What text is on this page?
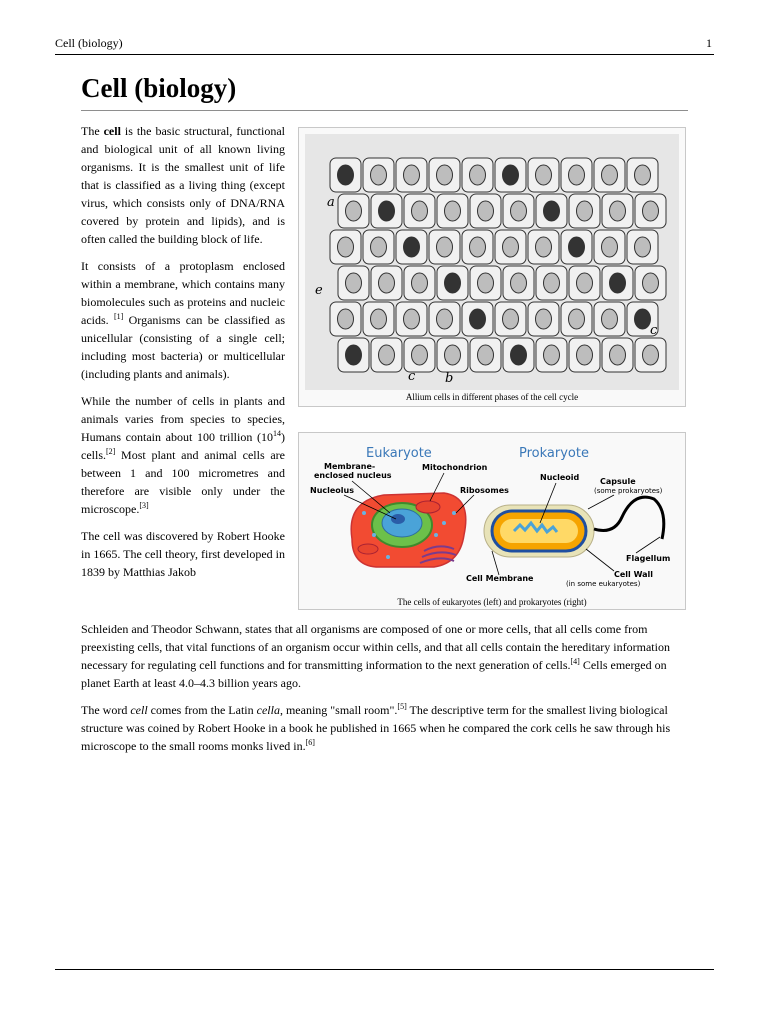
Cell (biology)	1
Cell (biology)

The cell is the basic structural, functional and biological unit of all known living organisms. It is the smallest unit of life that is classified as a living thing (except virus, which consists only of DNA/RNA covered by protein and lipids), and is often called the building block of life.

It consists of a protoplasm enclosed within a membrane, which contains many biomolecules such as proteins and nucleic acids. [1] Organisms can be classified as unicellular (consisting of a single cell; including most bacteria) or multicellular (including plants and animals).

While the number of cells in plants and animals varies from species to species, Humans contain about 100 trillion $(10^{14})$ cells.[2] Most plant and animal cells are between 1 and 100 micrometres and therefore are visible only under the microscope.[3]

The cell was discovered by Robert Hooke in 1665. The cell theory, first developed in 1839 by Matthias Jakob

a
e
c b
c
Allium cells in different phases of the cell cycle
Eukaryote	Prokaryote
Membrane-
enclosed nucleus
Mitochondrion
Nucleolus	Ribosomes
Nucleoid	Capsule
(some prokaryotes)
Flagellum
Cell Wall
(in some eukaryotes)
Cell Membrane
The cells of eukaryotes (left) and prokaryotes (right)

Schleiden and Theodor Schwann, states that all organisms are composed of one or more cells, that all cells come from preexisting cells, that vital functions of an organism occur within cells, and that all cells contain the hereditary information necessary for regulating cell functions and for transmitting information to the next generation of cells.[4] Cells emerged on planet Earth at least 4.0–4.3 billion years ago.

The word cell comes from the Latin cella, meaning "small room".[5] The descriptive term for the smallest living biological structure was coined by Robert Hooke in a book he published in 1665 when he compared the cork cells he saw through his microscope to the small rooms monks lived in.[6]
